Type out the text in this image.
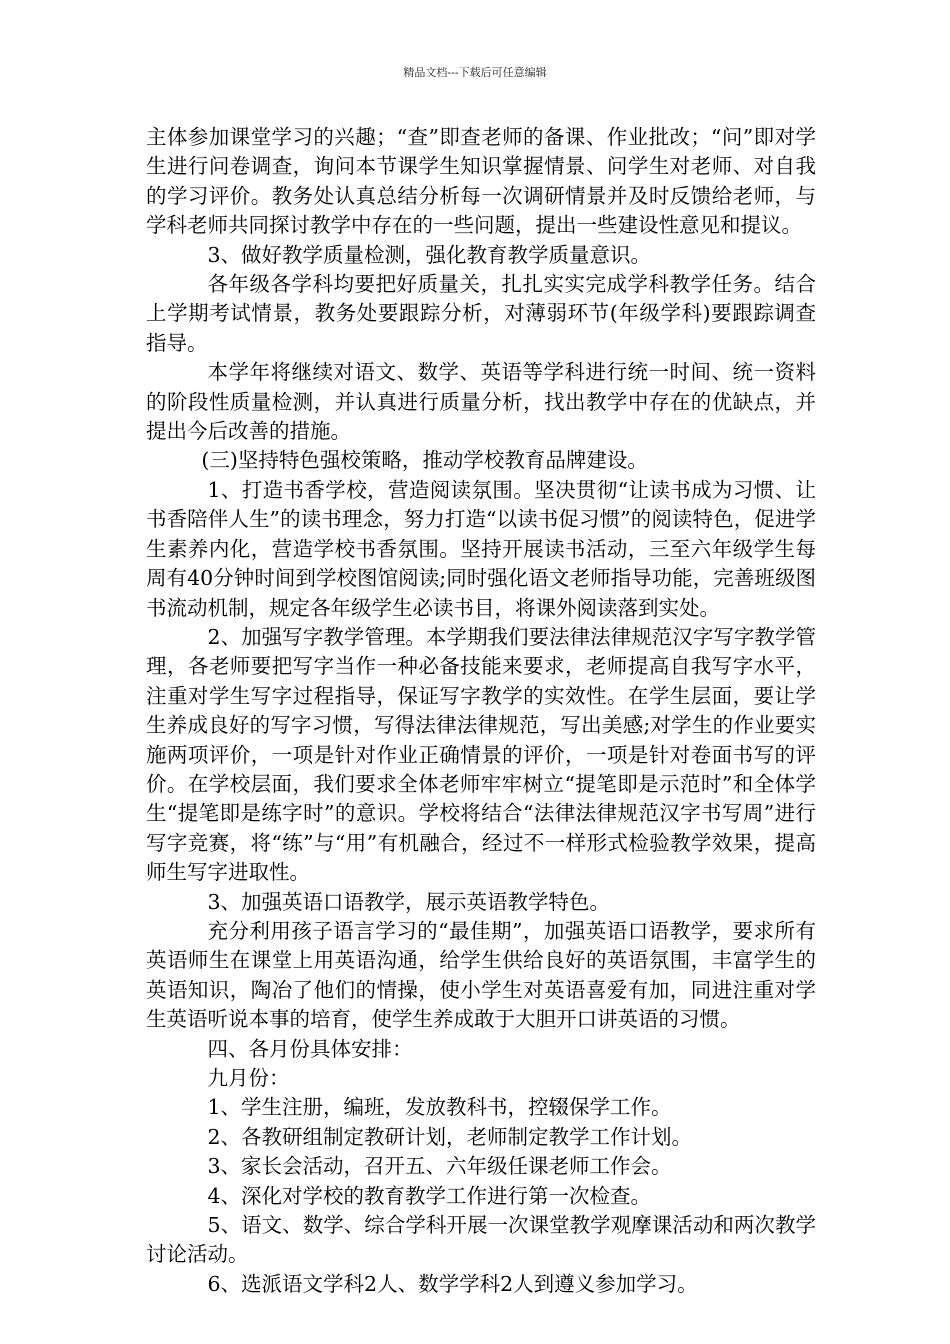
精品文档---下载后可任意编辑

主体参加课堂学习的兴趣；“查”即查老师的备课、作业批改；“问”即对学生进行问卷调查，询问本节课学生知识掌握情景、问学生对老师、对自我的学习评价。教务处认真总结分析每一次调研情景并及时反馈给老师，与学科老师共同探讨教学中存在的一些问题，提出一些建设性意见和提议。

3、做好教学质量检测，强化教育教学质量意识。

各年级各学科均要把好质量关，扎扎实实完成学科教学任务。结合上学期考试情景，教务处要跟踪分析，对薄弱环节(年级学科)要跟踪调查指导。

本学年将继续对语文、数学、英语等学科进行统一时间、统一资料的阶段性质量检测，并认真进行质量分析，找出教学中存在的优缺点，并提出今后改善的措施。

(三)坚持特色强校策略，推动学校教育品牌建设。

1、打造书香学校，营造阅读氛围。坚决贯彻“让读书成为习惯、让书香陪伴人生”的读书理念，努力打造“以读书促习惯”的阅读特色，促进学生素养内化，营造学校书香氛围。坚持开展读书活动，三至六年级学生每周有40分钟时间到学校图馆阅读;同时强化语文老师指导功能，完善班级图书流动机制，规定各年级学生必读书目，将课外阅读落到实处。

2、加强写字教学管理。本学期我们要法律法律规范汉字写字教学管理，各老师要把写字当作一种必备技能来要求，老师提高自我写字水平，注重对学生写字过程指导，保证写字教学的实效性。在学生层面，要让学生养成良好的写字习惯，写得法律法律规范，写出美感;对学生的作业要实施两项评价，一项是针对作业正确情景的评价，一项是针对卷面书写的评价。在学校层面，我们要求全体老师牢牢树立“提笔即是示范时”和全体学生“提笔即是练字时”的意识。学校将结合“法律法律规范汉字书写周”进行写字竞赛，将“练”与“用”有机融合，经过不一样形式检验教学效果，提高师生写字进取性。

3、加强英语口语教学，展示英语教学特色。

充分利用孩子语言学习的“最佳期”，加强英语口语教学，要求所有英语师生在课堂上用英语沟通，给学生供给良好的英语氛围，丰富学生的英语知识，陶冶了他们的情操，使小学生对英语喜爱有加，同进注重对学生英语听说本事的培育，使学生养成敢于大胆开口讲英语的习惯。

四、各月份具体安排：

九月份：

1、学生注册，编班，发放教科书，控辍保学工作。

2、各教研组制定教研计划，老师制定教学工作计划。

3、家长会活动，召开五、六年级任课老师工作会。

4、深化对学校的教育教学工作进行第一次检查。

5、语文、数学、综合学科开展一次课堂教学观摩课活动和两次教学讨论活动。

6、选派语文学科2人、数学学科2人到遵义参加学习。
